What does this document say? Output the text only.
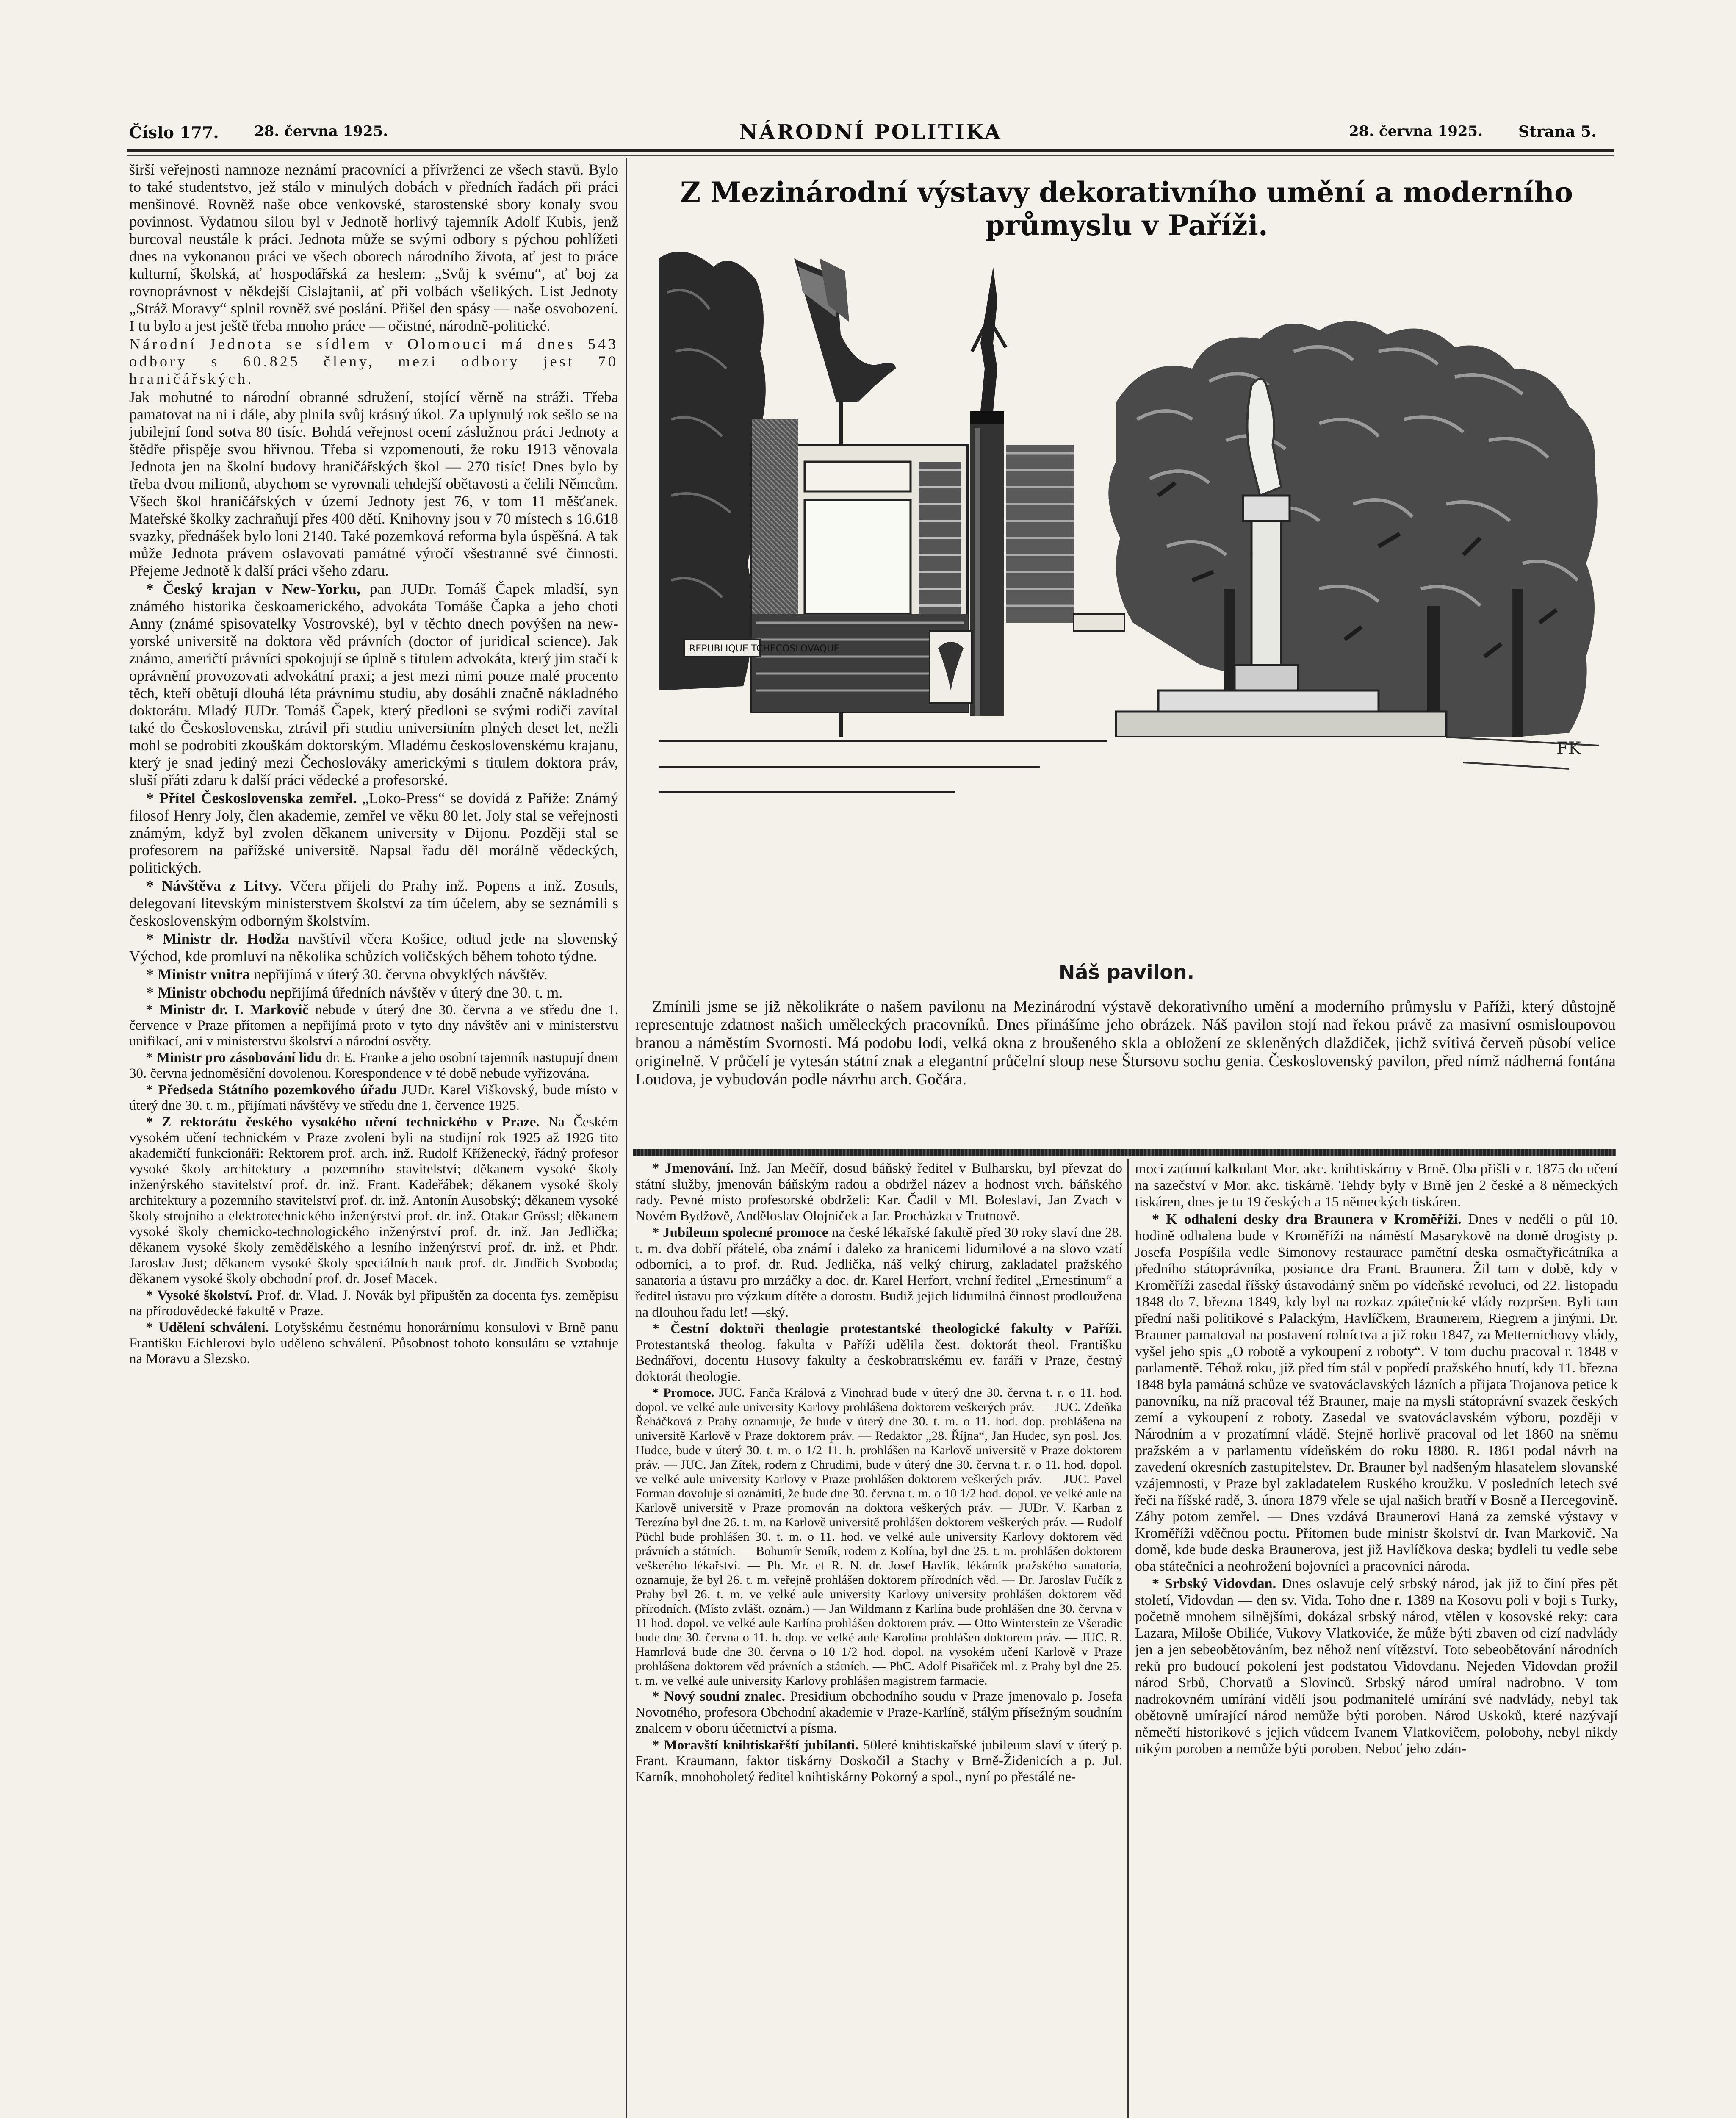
Číslo 177. 28. června 1925.	NÁRODNÍ POLITIKA	28. června 1925. Strana 5.

širší veřejnosti namnoze neznámí pracovníci a přívrženci ze všech stavů. Bylo to také studentstvo, jež stálo v minulých dobách v předních řadách při práci menšinové. Rovněž naše obce venkovské, starostenské sbory konaly svou povinnost. Vydatnou silou byl v Jednotě horlivý tajemník Adolf Kubis, jenž burcoval neustále k práci. Jednota může se svými odbory s pýchou pohlížeti dnes na vykonanou práci ve všech oborech národního života, ať jest to práce kulturní, školská, ať hospodářská za heslem: „Svůj k svému“, ať boj za rovnoprávnost v někdejší Cislajtanii, ať při volbách všelikých. List Jednoty „Stráž Moravy“ splnil rovněž své poslání. Přišel den spásy — naše osvobození. I tu bylo a jest ještě třeba mnoho práce — očistné, národně-politické.

Národní Jednota se sídlem v Olomouci má dnes 543 odbory s 60.825 členy, mezi odbory jest 70 hraničářských.

Jak mohutné to národní obranné sdružení, stojící věrně na stráži. Třeba pamatovat na ni i dále, aby plnila svůj krásný úkol. Za uplynulý rok sešlo se na jubilejní fond sotva 80 tisíc. Bohdá veřejnost ocení záslužnou práci Jednoty a štědře přispěje svou hřivnou. Třeba si vzpomenouti, že roku 1913 věnovala Jednota jen na školní budovy hraničářských škol — 270 tisíc! Dnes bylo by třeba dvou milionů, abychom se vyrovnali tehdejší obětavosti a čelili Němcům. Všech škol hraničářských v území Jednoty jest 76, v tom 11 měšťanek. Mateřské školky zachraňují přes 400 dětí. Knihovny jsou v 70 místech s 16.618 svazky, přednášek bylo loni 2140. Také pozemková reforma byla úspěšná. A tak může Jednota právem oslavovati památné výročí všestranné své činnosti. Přejeme Jednotě k další práci všeho zdaru.

* Český krajan v New-Yorku, pan JUDr. Tomáš Čapek mladší, syn známého historika českoamerického, advokáta Tomáše Čapka a jeho choti Anny (známé spisovatelky Vostrovské), byl v těchto dnech povýšen na new-yorské universitě na doktora věd právních (doctor of juridical science). Jak známo, američtí právníci spokojují se úplně s titulem advokáta, který jim stačí k oprávnění provozovati advokátní praxi; a jest mezi nimi pouze malé procento těch, kteří obětují dlouhá léta právnímu studiu, aby dosáhli značně nákladného doktorátu. Mladý JUDr. Tomáš Čapek, který předloni se svými rodiči zavítal také do Československa, ztrávil při studiu universitním plných deset let, nežli mohl se podrobiti zkouškám doktorským. Mladému československému krajanu, který je snad jediný mezi Čechoslováky americkými s titulem doktora práv, sluší přáti zdaru k další práci vědecké a profesorské.

* Přítel Československa zemřel. „Loko-Press“ se dovídá z Paříže: Známý filosof Henry Joly, člen akademie, zemřel ve věku 80 let. Joly stal se veřejnosti známým, když byl zvolen děkanem university v Dijonu. Později stal se profesorem na pařížské universitě. Napsal řadu děl morálně vědeckých, politických.

* Návštěva z Litvy. Včera přijeli do Prahy inž. Popens a inž. Zosuls, delegovaní litevským ministerstvem školství za tím účelem, aby se seznámili s československým odborným školstvím.

* Ministr dr. Hodža navštívil včera Košice, odtud jede na slovenský Východ, kde promluví na několika schůzích voličských během tohoto týdne.

* Ministr vnitra nepřijímá v úterý 30. června obvyklých návštěv.

* Ministr obchodu nepřijímá úředních návštěv v úterý dne 30. t. m.

* Ministr dr. I. Markovič nebude v úterý dne 30. června a ve středu dne 1. července v Praze přítomen a nepřijímá proto v tyto dny návštěv ani v ministerstvu unifikací, ani v ministerstvu školství a národní osvěty.

* Ministr pro zásobování lidu dr. E. Franke a jeho osobní tajemník nastupují dnem 30. června jednoměsíční dovolenou. Korespondence v té době nebude vyřizována.

* Předseda Státního pozemkového úřadu JUDr. Karel Viškovský, bude místo v úterý dne 30. t. m., přijímati návštěvy ve středu dne 1. července 1925.

* Z rektorátu českého vysokého učení technického v Praze. Na Českém vysokém učení technickém v Praze zvoleni byli na studijní rok 1925 až 1926 tito akademičtí funkcionáři: Rektorem prof. arch. inž. Rudolf Kříženecký, řádný profesor vysoké školy architektury a pozemního stavitelství; děkanem vysoké školy inženýrského stavitelství prof. dr. inž. Frant. Kadeřábek; děkanem vysoké školy architektury a pozemního stavitelství prof. dr. inž. Antonín Ausobský; děkanem vysoké školy strojního a elektrotechnického inženýrství prof. dr. inž. Otakar Grössl; děkanem vysoké školy chemicko-technologického inženýrství prof. dr. inž. Jan Jedlička; děkanem vysoké školy zemědělského a lesního inženýrství prof. dr. inž. et Phdr. Jaroslav Just; děkanem vysoké školy speciálních nauk prof. dr. Jindřich Svoboda; děkanem vysoké školy obchodní prof. dr. Josef Macek.

* Vysoké školství. Prof. dr. Vlad. J. Novák byl připuštěn za docenta fys. zeměpisu na přírodovědecké fakultě v Praze.

* Udělení schválení. Lotyšskému čestnému honorárnímu konsulovi v Brně panu Františku Eichlerovi bylo uděleno schválení. Působnost tohoto konsulátu se vztahuje na Moravu a Slezsko.

Z Mezinárodní výstavy dekorativního umění a moderního průmyslu v Paříži.
REPUBLIQUE TCHECOSLOVAQUE
FK
Náš pavilon.

Zmínili jsme se již několikráte o našem pavilonu na Mezinárodní výstavě dekorativního umění a moderního průmyslu v Paříži, který důstojně representuje zdatnost našich uměleckých pracovníků. Dnes přinášíme jeho obrázek. Náš pavilon stojí nad řekou právě za masivní osmisloupovou branou a náměstím Svornosti. Má podobu lodi, velká okna z broušeného skla a obložení ze skleněných dlaždiček, jichž svítivá červeň působí velice originelně. V průčelí je vytesán státní znak a elegantní průčelní sloup nese Štursovu sochu genia. Československý pavilon, před nímž nádherná fontána Loudova, je vybudován podle návrhu arch. Gočára.

* Jmenování. Inž. Jan Mečíř, dosud báňský ředitel v Bulharsku, byl převzat do státní služby, jmenován báňským radou a obdržel název a hodnost vrch. báňského rady. Pevné místo profesorské obdrželi: Kar. Čadil v Ml. Boleslavi, Jan Zvach v Novém Bydžově, Anděloslav Olojníček a Jar. Procházka v Trutnově.

* Jubileum spolecné promoce na české lékařské fakultě před 30 roky slaví dne 28. t. m. dva dobří přátelé, oba známí i daleko za hranicemi lidumilové a na slovo vzatí odborníci, a to prof. dr. Rud. Jedlička, náš velký chirurg, zakladatel pražského sanatoria a ústavu pro mrzáčky a doc. dr. Karel Herfort, vrchní ředitel „Ernestinum“ a ředitel ústavu pro výzkum dítěte a dorostu. Budiž jejich lidumilná činnost prodloužena na dlouhou řadu let! —ský.

* Čestní doktoři theologie protestantské theologické fakulty v Paříži. Protestantská theolog. fakulta v Paříži udělila čest. doktorát theol. Františku Bednářovi, docentu Husovy fakulty a českobratrskému ev. faráři v Praze, čestný doktorát theologie.

* Promoce. JUC. Fanča Králová z Vinohrad bude v úterý dne 30. června t. r. o 11. hod. dopol. ve velké aule university Karlovy prohlášena doktorem veškerých práv. — JUC. Zdeňka Řeháčková z Prahy oznamuje, že bude v úterý dne 30. t. m. o 11. hod. dop. prohlášena na universitě Karlově v Praze doktorem práv. — Redaktor „28. Října“, Jan Hudec, syn posl. Jos. Hudce, bude v úterý 30. t. m. o 1/2 11. h. prohlášen na Karlově universitě v Praze doktorem práv. — JUC. Jan Zítek, rodem z Chrudimi, bude v úterý dne 30. června t. r. o 11. hod. dopol. ve velké aule university Karlovy v Praze prohlášen doktorem veškerých práv. — JUC. Pavel Forman dovoluje si oznámiti, že bude dne 30. června t. m. o 10 1/2 hod. dopol. ve velké aule na Karlově universitě v Praze promován na doktora veškerých práv. — JUDr. V. Karban z Terezína byl dne 26. t. m. na Karlově universitě prohlášen doktorem veškerých práv. — Rudolf Püchl bude prohlášen 30. t. m. o 11. hod. ve velké aule university Karlovy doktorem věd právních a státních. — Bohumír Semík, rodem z Kolína, byl dne 25. t. m. prohlášen doktorem veškerého lékařství. — Ph. Mr. et R. N. dr. Josef Havlík, lékárník pražského sanatoria, oznamuje, že byl 26. t. m. veřejně prohlášen doktorem přírodních věd. — Dr. Jaroslav Fučík z Prahy byl 26. t. m. ve velké aule university Karlovy university prohlášen doktorem věd přírodních. (Místo zvlášt. oznám.) — Jan Wildmann z Karlína bude prohlášen dne 30. června v 11 hod. dopol. ve velké aule Karlína prohlášen doktorem práv. — Otto Winterstein ze Všeradic bude dne 30. června o 11. h. dop. ve velké aule Karolina prohlášen doktorem práv. — JUC. R. Hamrlová bude dne 30. června o 10 1/2 hod. dopol. na vysokém učení Karlově v Praze prohlášena doktorem věd právních a státních. — PhC. Adolf Pisařiček ml. z Prahy byl dne 25. t. m. ve velké aule university Karlovy prohlášen magistrem farmacie.

* Nový soudní znalec. Presidium obchodního soudu v Praze jmenovalo p. Josefa Novotného, profesora Obchodní akademie v Praze-Karlíně, stálým přísežným soudním znalcem v oboru účetnictví a písma.

* Moravští knihtiskařští jubilanti. 50leté knihtiskařské jubileum slaví v úterý p. Frant. Kraumann, faktor tiskárny Doskočil a Stachy v Brně-Židenicích a p. Jul. Karník, mnohoholetý ředitel knihtiskárny Pokorný a spol., nyní po přestálé ne-

moci zatímní kalkulant Mor. akc. knihtiskárny v Brně. Oba přišli v r. 1875 do učení na sazečství v Mor. akc. tiskárně. Tehdy byly v Brně jen 2 české a 8 německých tiskáren, dnes je tu 19 českých a 15 německých tiskáren.

* K odhalení desky dra Braunera v Kroměříži. Dnes v neděli o půl 10. hodině odhalena bude v Kroměříži na náměstí Masarykově na domě drogisty p. Josefa Pospíšila vedle Simonovy restaurace pamětní deska osmačtyřicátníka a předního státoprávníka, posiance dra Frant. Braunera. Žil tam v době, kdy v Kroměříži zasedal říšský ústavodárný sněm po vídeňské revoluci, od 22. listopadu 1848 do 7. března 1849, kdy byl na rozkaz zpátečnické vlády rozpršen. Byli tam přední naši politikové s Palackým, Havlíčkem, Braunerem, Riegrem a jinými. Dr. Brauner pamatoval na postavení rolníctva a již roku 1847, za Metternichovy vlády, vyšel jeho spis „O robotě a vykoupení z roboty“. V tom duchu pracoval r. 1848 v parlamentě. Téhož roku, již před tím stál v popředí pražského hnutí, kdy 11. března 1848 byla památná schůze ve svatováclavských lázních a přijata Trojanova petice k panovníku, na níž pracoval též Brauner, maje na mysli státoprávní svazek českých zemí a vykoupení z roboty. Zasedal ve svatováclavském výboru, později v Národním a v prozatímní vládě. Stejně horlivě pracoval od let 1860 na sněmu pražském a v parlamentu vídeňském do roku 1880. R. 1861 podal návrh na zavedení okresních zastupitelstev. Dr. Brauner byl nadšeným hlasatelem slovanské vzájemnosti, v Praze byl zakladatelem Ruského kroužku. V posledních letech své řeči na říšské radě, 3. února 1879 vřele se ujal našich bratří v Bosně a Hercegovině. Záhy potom zemřel. — Dnes vzdává Braunerovi Haná za zemské výstavy v Kroměříži vděčnou poctu. Přítomen bude ministr školství dr. Ivan Markovič. Na domě, kde bude deska Braunerova, jest již Havlíčkova deska; bydleli tu vedle sebe oba státečníci a neohrožení bojovníci a pracovníci národa.

* Srbský Vidovdan. Dnes oslavuje celý srbský národ, jak již to činí přes pět století, Vidovdan — den sv. Vida. Toho dne r. 1389 na Kosovu poli v boji s Turky, početně mnohem silnějšími, dokázal srbský národ, vtělen v kosovské reky: cara Lazara, Miloše Obiliće, Vukovy Vlatkoviće, že může býti zbaven od cizí nadvlády jen a jen sebeobětováním, bez něhož není vítězství. Toto sebeobětování národních reků pro budoucí pokolení jest podstatou Vidovdanu. Nejeden Vidovdan prožil národ Srbů, Chorvatů a Slovinců. Srbský národ umíral nadrobno. V tom nadrokovném umírání vidělí jsou podmanitelé umírání své nadvlády, nebyl tak obětovně umírající národ nemůže býti poroben. Národ Uskoků, které nazývají němečtí historikové s jejich vůdcem Ivanem Vlatkovičem, polobohy, nebyl nikdy nikým poroben a nemůže býti poroben. Neboť jeho zdán-
